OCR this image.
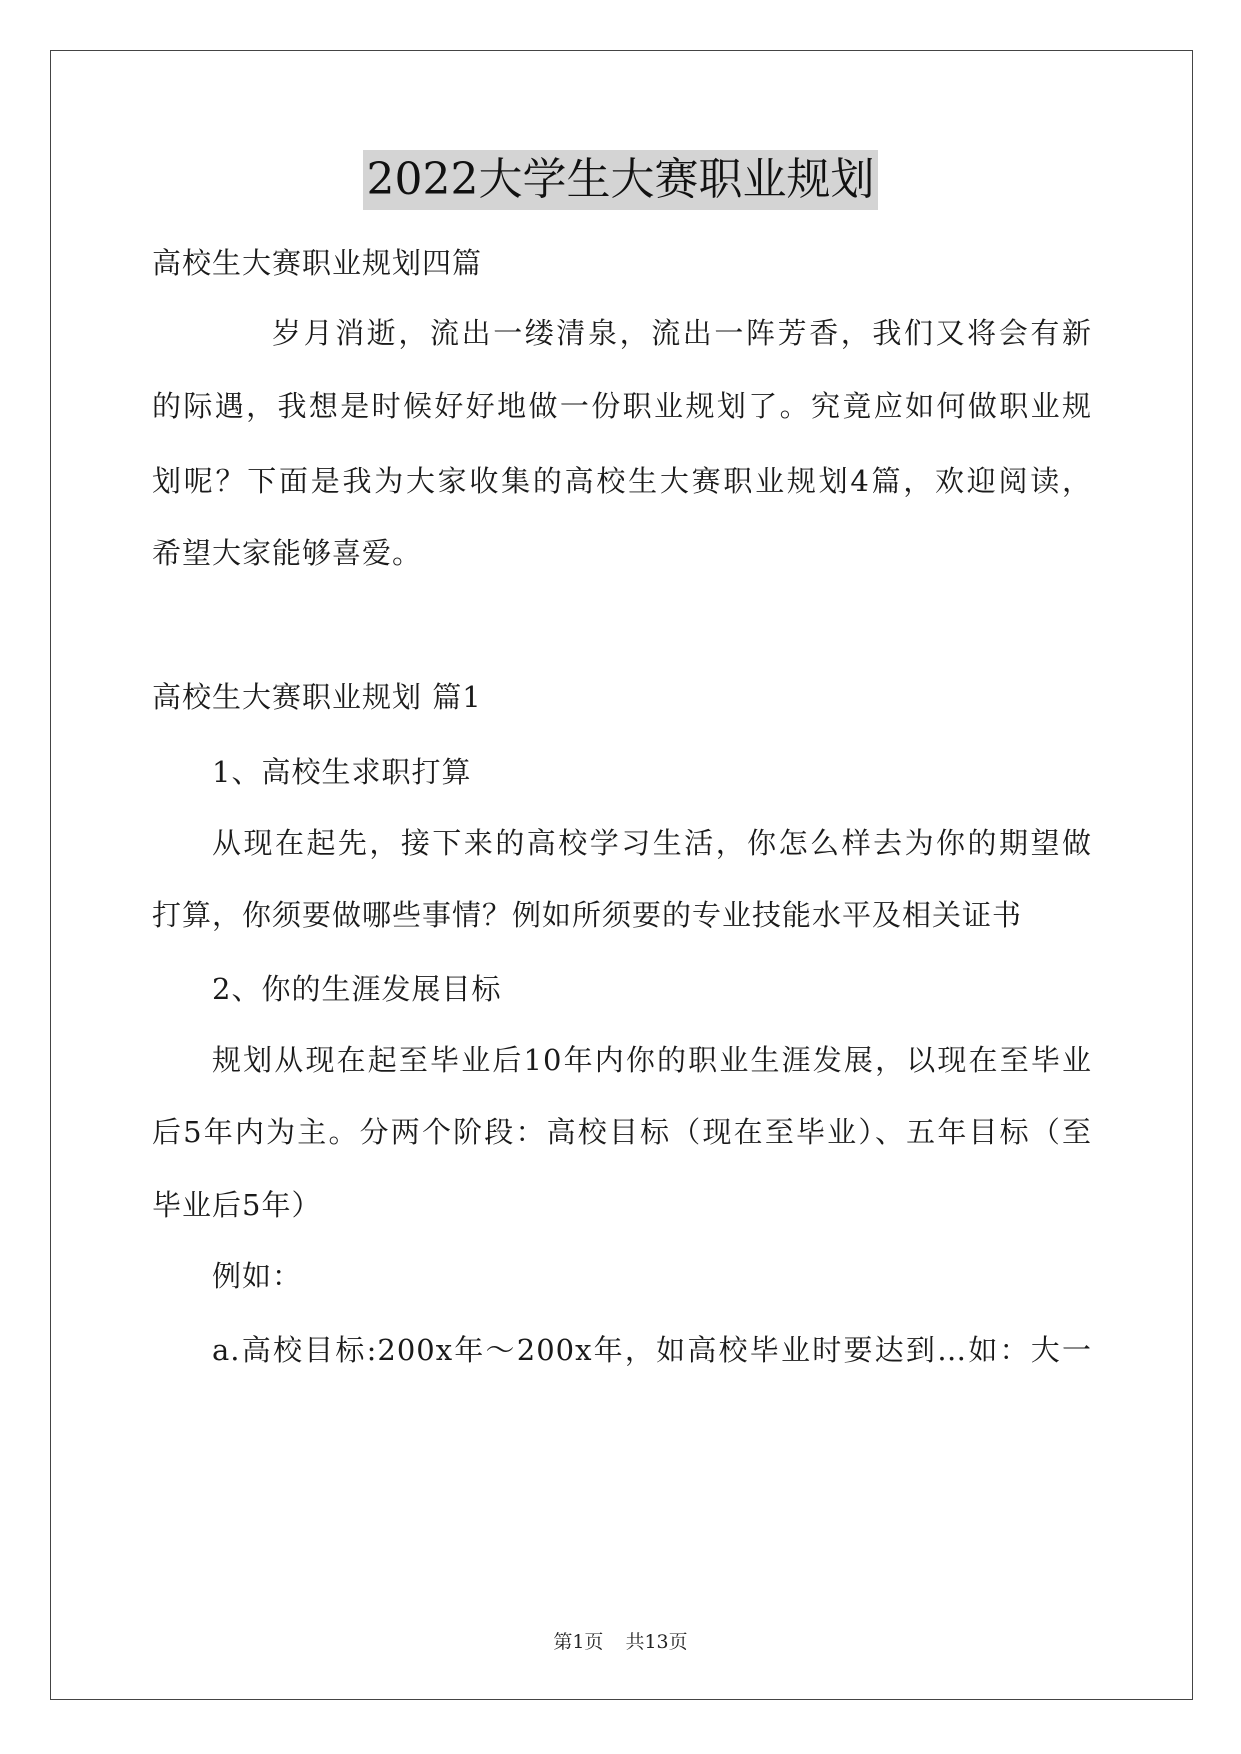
2022大学生大赛职业规划
高校生大赛职业规划四篇
岁月消逝，流出一缕清泉，流出一阵芳香，我们又将会有新
的际遇，我想是时候好好地做一份职业规划了。究竟应如何做职业规
划呢？下面是我为大家收集的高校生大赛职业规划4篇，欢迎阅读，
希望大家能够喜爱。
高校生大赛职业规划 篇1
1、高校生求职打算
从现在起先，接下来的高校学习生活，你怎么样去为你的期望做
打算，你须要做哪些事情？例如所须要的专业技能水平及相关证书
2、你的生涯发展目标
规划从现在起至毕业后10年内你的职业生涯发展，以现在至毕业
后5年内为主。分两个阶段：高校目标（现在至毕业）、五年目标（至
毕业后5年）
例如：
a.高校目标:200x年～200x年，如高校毕业时要达到…如：大一
第1页 共13页
